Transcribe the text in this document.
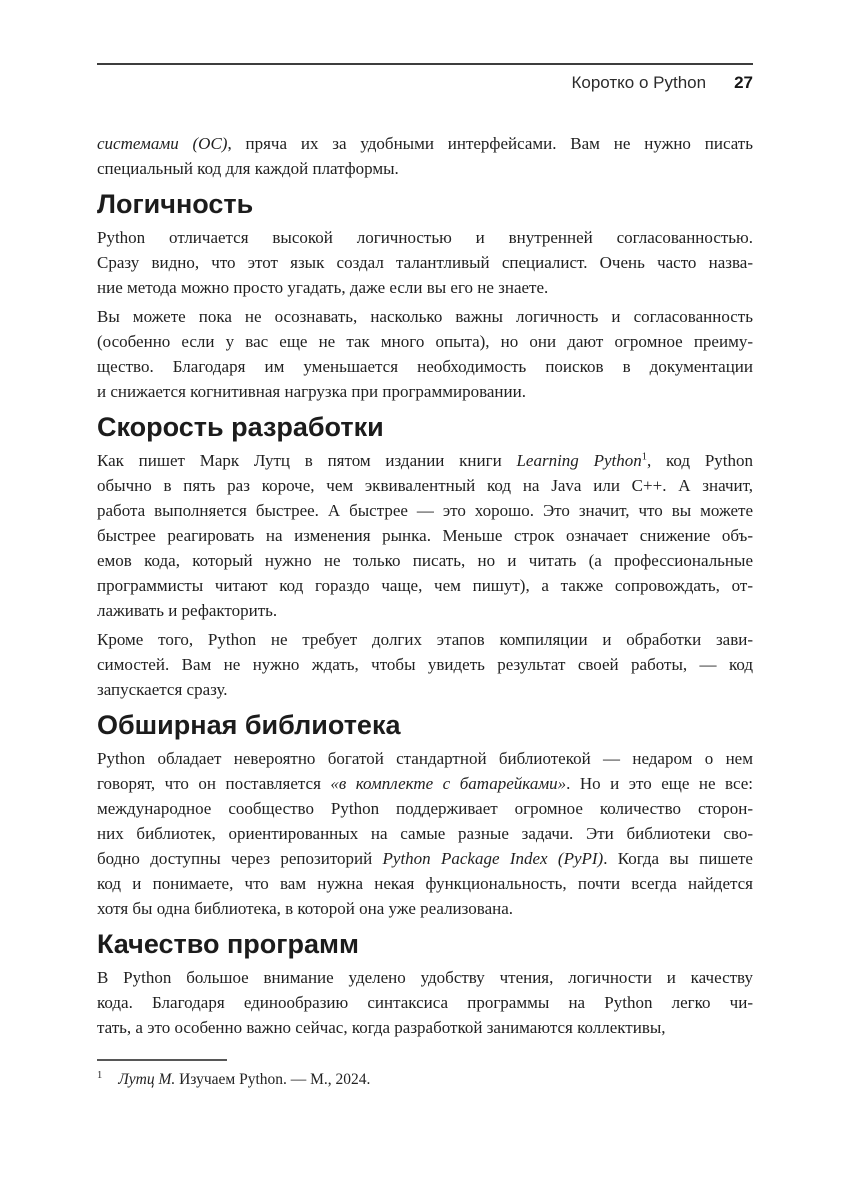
Коротко о Python 27

системами (ОС), пряча их за удобными интерфейсами. Вам не нужно писать
специальный код для каждой платформы.

Логичность

Python отличается высокой логичностью и внутренней согласованностью.
Сразу видно, что этот язык создал талантливый специалист. Очень часто назва-
ние метода можно просто угадать, даже если вы его не знаете.

Вы можете пока не осознавать, насколько важны логичность и согласованность
(особенно если у вас еще не так много опыта), но они дают огромное преиму-
щество. Благодаря им уменьшается необходимость поисков в документации
и снижается когнитивная нагрузка при программировании.

Скорость разработки

Как пишет Марк Лутц в пятом издании книги Learning Python$^1$, код Python
обычно в пять раз короче, чем эквивалентный код на Java или C++. А значит,
работа выполняется быстрее. А быстрее — это хорошо. Это значит, что вы можете
быстрее реагировать на изменения рынка. Меньше строк означает снижение объ-
емов кода, который нужно не только писать, но и читать (а профессиональные
программисты читают код гораздо чаще, чем пишут), а также сопровождать, от-
лаживать и рефакторить.

Кроме того, Python не требует долгих этапов компиляции и обработки зави-
симостей. Вам не нужно ждать, чтобы увидеть результат своей работы, — код
запускается сразу.

Обширная библиотека

Python обладает невероятно богатой стандартной библиотекой — недаром о нем
говорят, что он поставляется «в комплекте с батарейками». Но и это еще не все:
международное сообщество Python поддерживает огромное количество сторон-
них библиотек, ориентированных на самые разные задачи. Эти библиотеки сво-
бодно доступны через репозиторий Python Package Index (PyPI). Когда вы пишете
код и понимаете, что вам нужна некая функциональность, почти всегда найдется
хотя бы одна библиотека, в которой она уже реализована.

Качество программ

В Python большое внимание уделено удобству чтения, логичности и качеству
кода. Благодаря единообразию синтаксиса программы на Python легко чи-
тать, а это особенно важно сейчас, когда разработкой занимаются коллективы,

$^1$ Лутц М. Изучаем Python. — М., 2024.
